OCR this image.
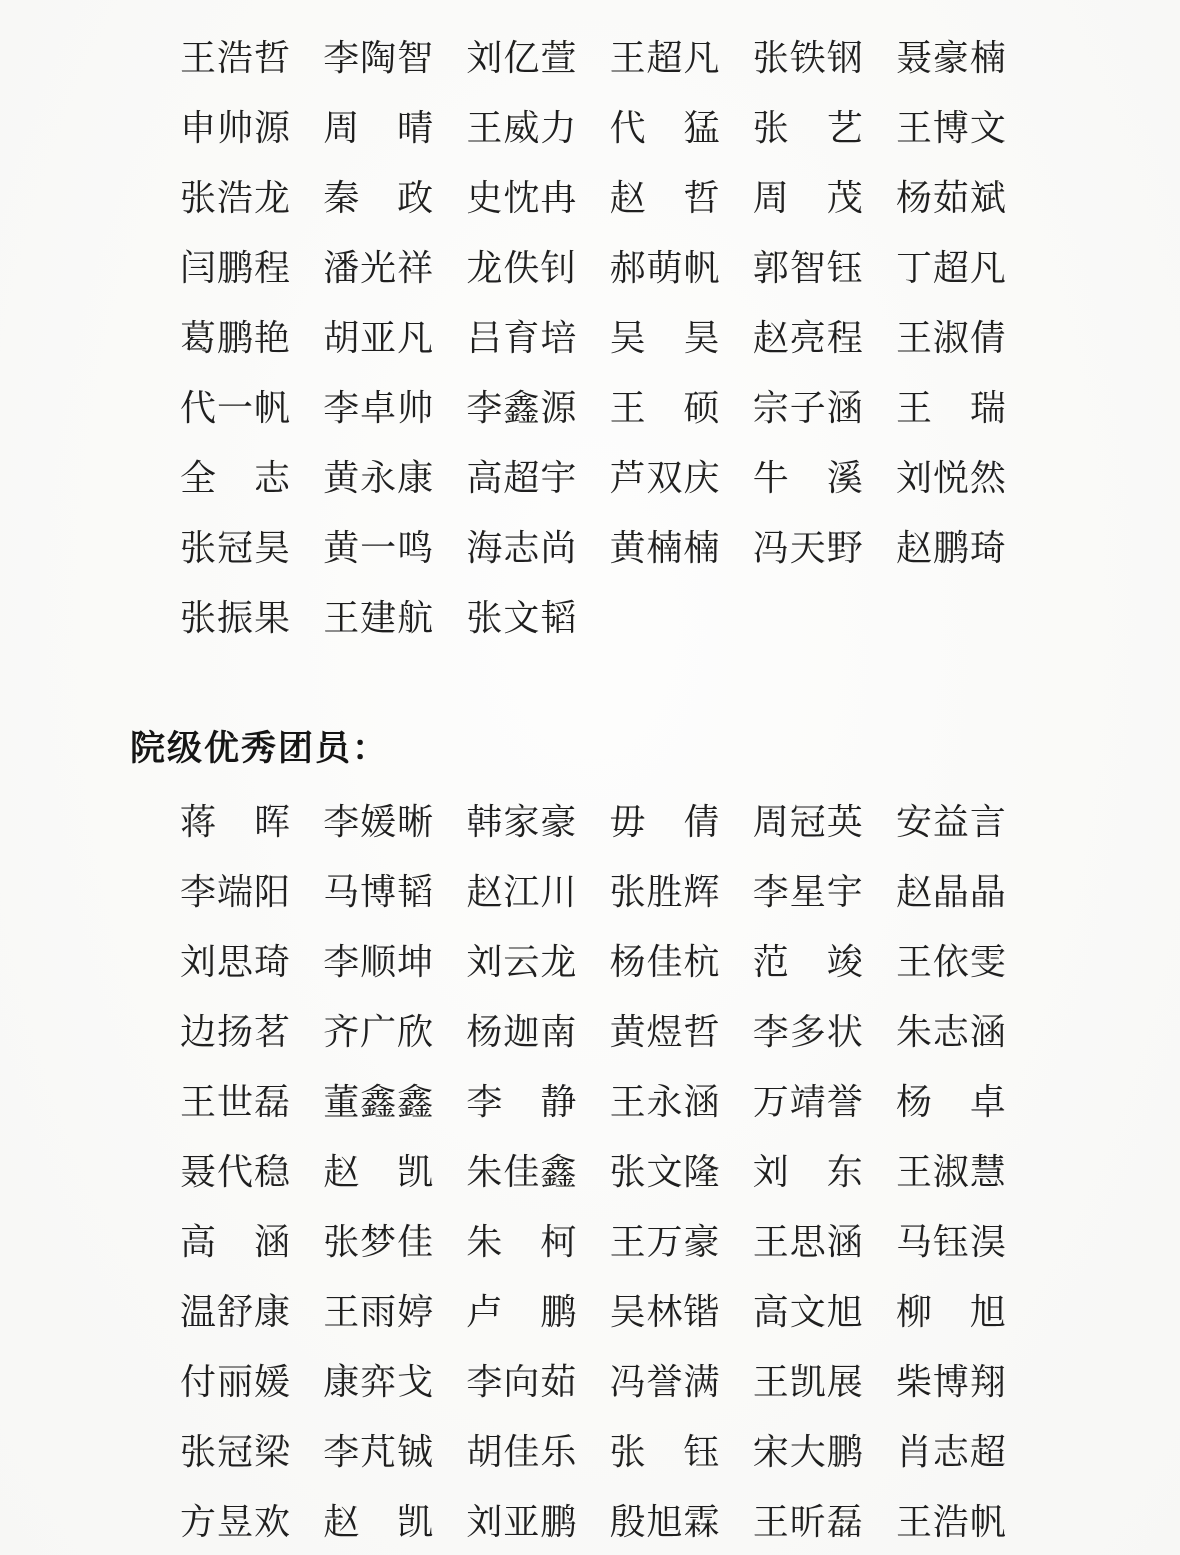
王 浩 哲 李 陶 智 刘 亿 萱 王 超 凡 张 铁 钢 聂 豪 楠
申 帅 源 周 晴 王 威 力 代 猛 张 艺 王 博 文
张 浩 龙 秦 政 史 忱 冉 赵 哲 周 茂 杨 茹 斌
闫 鹏 程 潘 光 祥 龙 佚 钊 郝 萌 帆 郭 智 钰 丁 超 凡
葛 鹏 艳 胡 亚 凡 吕 育 培 吴 昊 赵 亮 程 王 淑 倩
代 一 帆 李 卓 帅 李 鑫 源 王 硕 宗 子 涵 王 瑞
全 志 黄 永 康 高 超 宇 芦 双 庆 牛 溪 刘 悦 然
张 冠 昊 黄 一 鸣 海 志 尚 黄 楠 楠 冯 天 野 赵 鹏 琦
张 振 果 王 建 航 张 文 韬
院级优秀团员：
蒋 晖 李 媛 晰 韩 家 豪 毋 倩 周 冠 英 安 益 言
李 端 阳 马 博 韬 赵 江 川 张 胜 辉 李 星 宇 赵 晶 晶
刘 思 琦 李 顺 坤 刘 云 龙 杨 佳 杭 范 竣 王 依 雯
边 扬 茗 齐 广 欣 杨 迦 南 黄 煜 哲 李 多 状 朱 志 涵
王 世 磊 董 鑫 鑫 李 静 王 永 涵 万 靖 誉 杨 卓
聂 代 稳 赵 凯 朱 佳 鑫 张 文 隆 刘 东 王 淑 慧
高 涵 张 梦 佳 朱 柯 王 万 豪 王 思 涵 马 钰 淏
温 舒 康 王 雨 婷 卢 鹏 吴 林 锴 高 文 旭 柳 旭
付 丽 媛 康 弈 戈 李 向 茹 冯 誉 满 王 凯 展 柴 博 翔
张 冠 梁 李 芃 铖 胡 佳 乐 张 钰 宋 大 鹏 肖 志 超
方 昱 欢 赵 凯 刘 亚 鹏 殷 旭 霖 王 昕 磊 王 浩 帆
